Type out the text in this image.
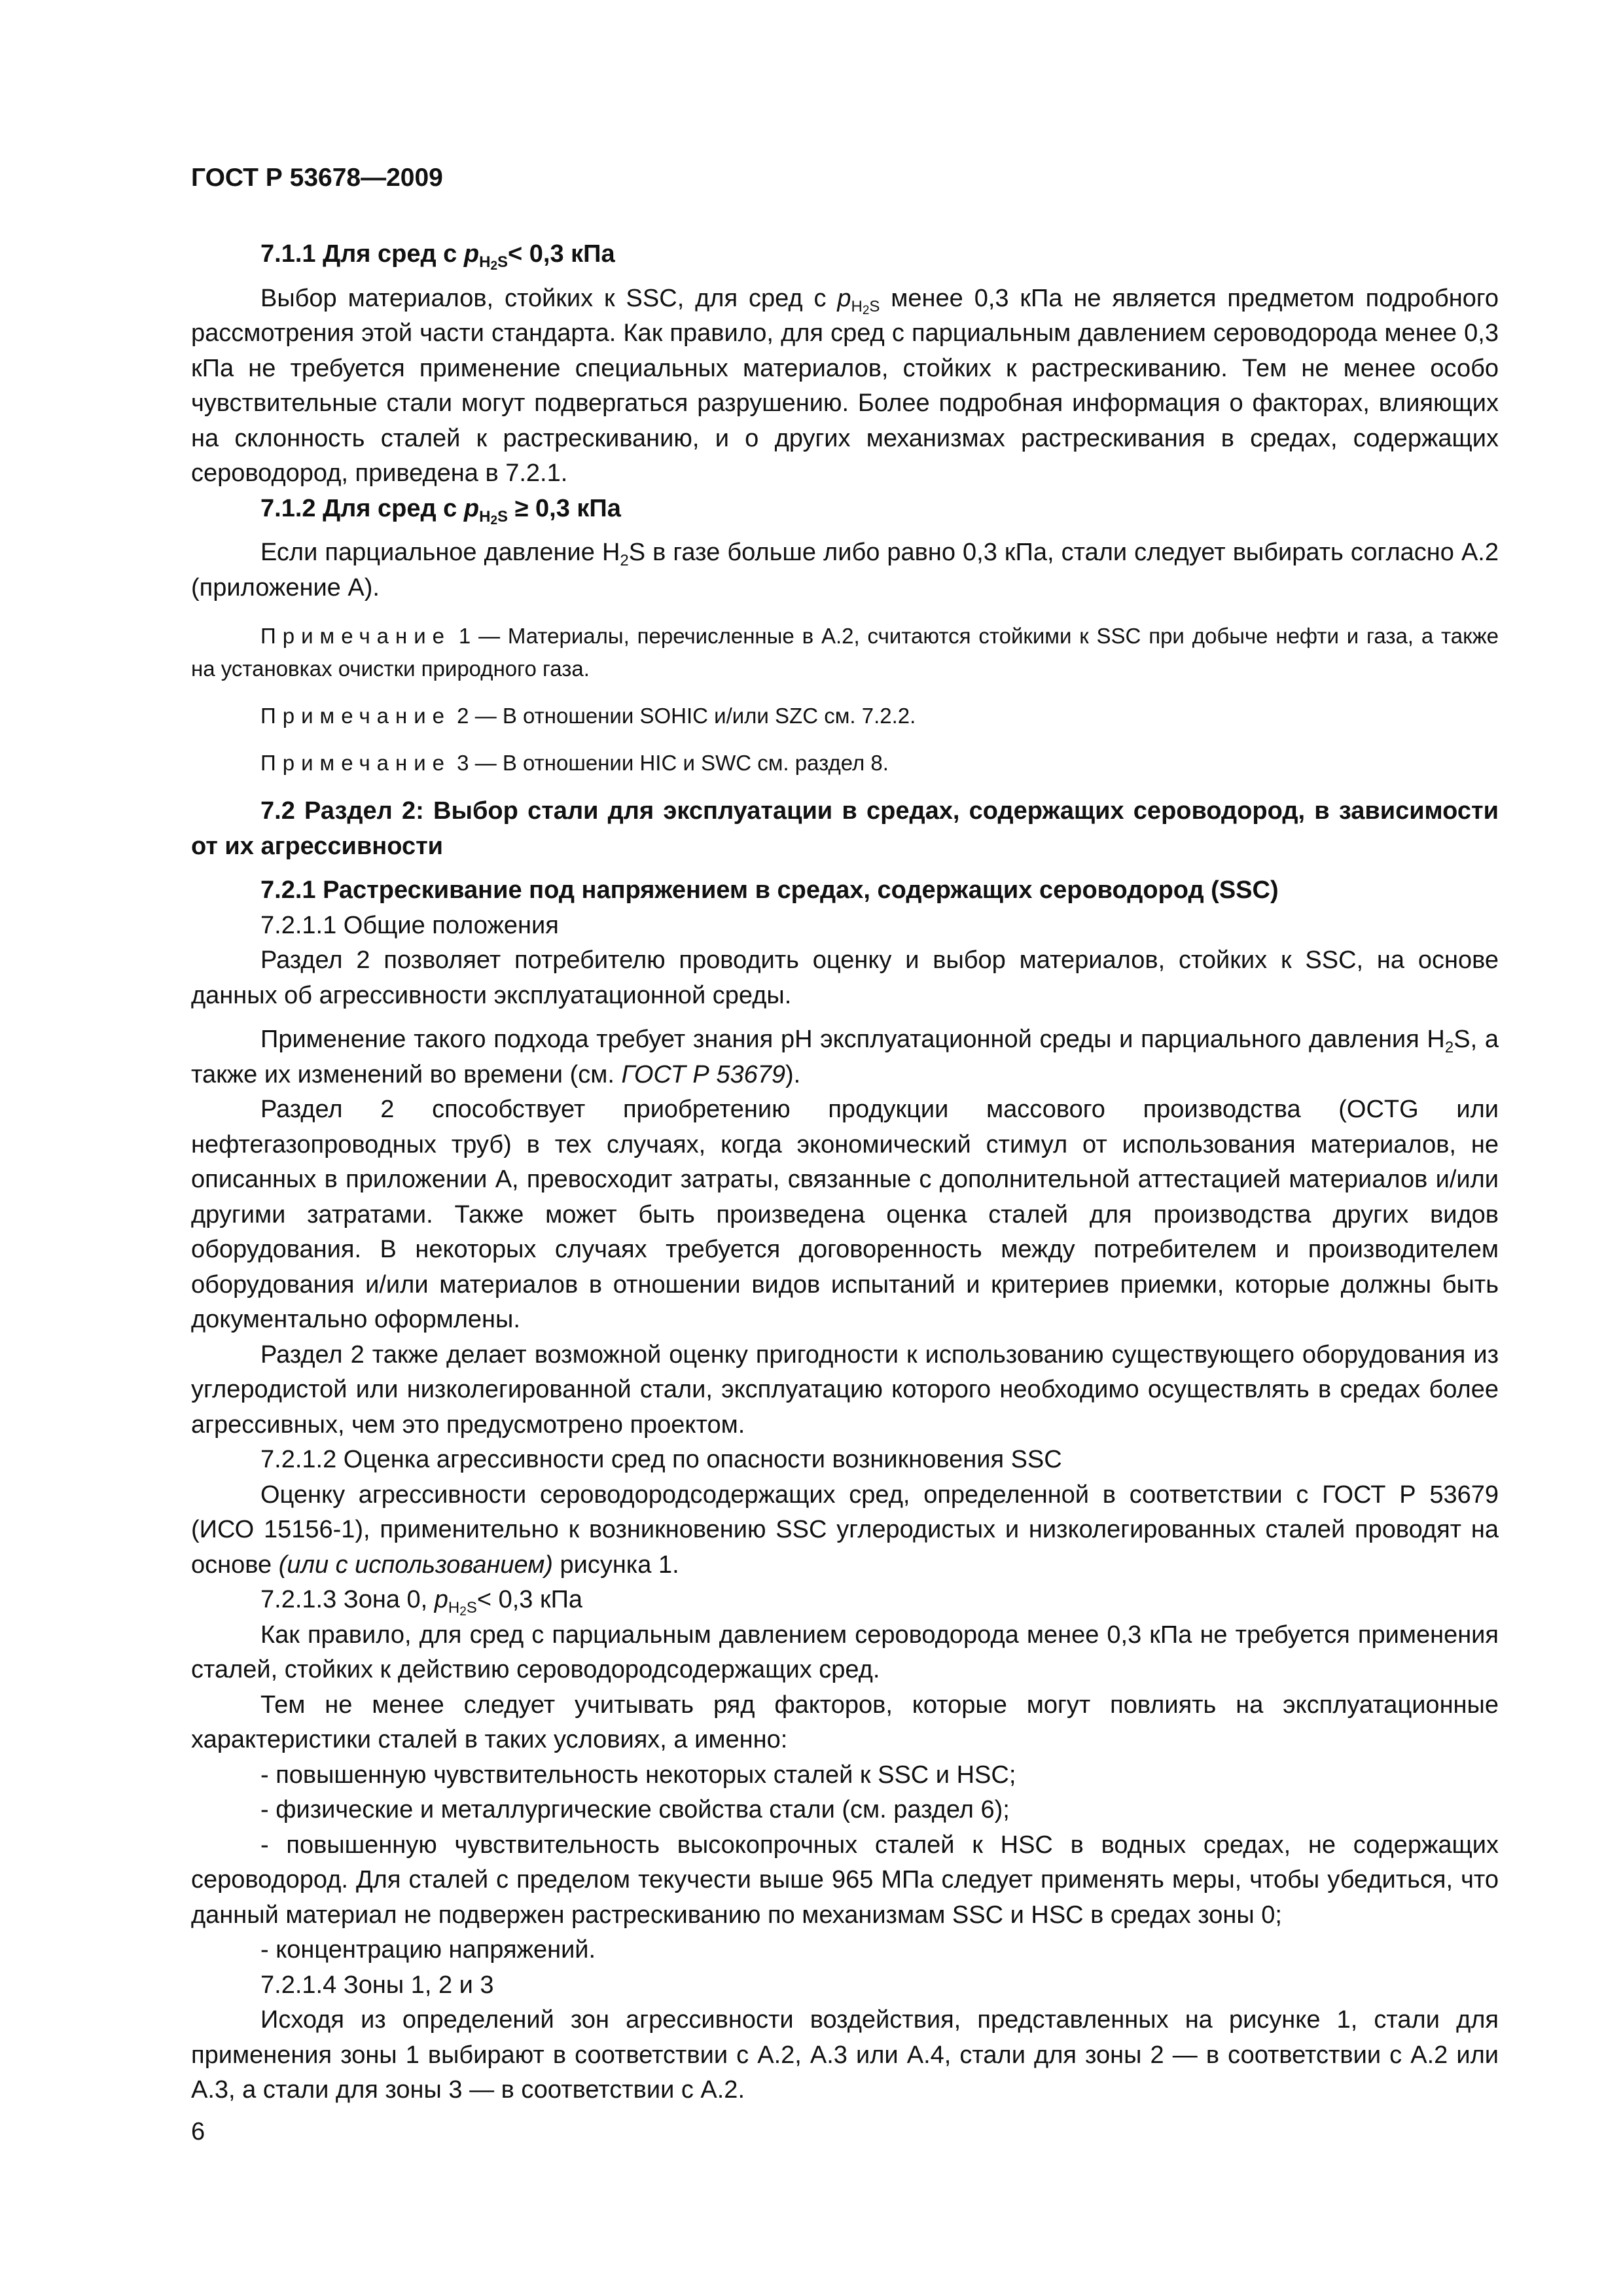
ГОСТ Р 53678—2009

7.1.1 Для сред с $p_{H_2S}< 0,3$ кПа

Выбор материалов, стойких к SSC, для сред с $p_{H_2S}$ менее 0,3 кПа не является предметом подробного рассмотрения этой части стандарта. Как правило, для сред с парциальным давлением сероводорода менее 0,3 кПа не требуется применение специальных материалов, стойких к растрескиванию. Тем не менее особо чувствительные стали могут подвергаться разрушению. Более подробная информация о факторах, влияющих на склонность сталей к растрескиванию, и о других механизмах растрескивания в средах, содержащих сероводород, приведена в 7.2.1.

7.1.2 Для сред с $p_{H_2S} \ge 0,3$ кПа

Если парциальное давление $H_2S$ в газе больше либо равно 0,3 кПа, стали следует выбирать согласно А.2 (приложение А).

Примечание 1 — Материалы, перечисленные в А.2, считаются стойкими к SSC при добыче нефти и газа, а также на установках очистки природного газа.

Примечание 2 — В отношении SOHIC и/или SZC см. 7.2.2.

Примечание 3 — В отношении HIC и SWC см. раздел 8.

7.2 Раздел 2: Выбор стали для эксплуатации в средах, содержащих сероводород, в зависимости от их агрессивности

7.2.1 Растрескивание под напряжением в средах, содержащих сероводород (SSC)

7.2.1.1 Общие положения

Раздел 2 позволяет потребителю проводить оценку и выбор материалов, стойких к SSC, на основе данных об агрессивности эксплуатационной среды.

Применение такого подхода требует знания pH эксплуатационной среды и парциального давления $H_2S$, а также их изменений во времени (см. ГОСТ Р 53679).

Раздел 2 способствует приобретению продукции массового производства (OCTG или нефтегазопроводных труб) в тех случаях, когда экономический стимул от использования материалов, не описанных в приложении А, превосходит затраты, связанные с дополнительной аттестацией материалов и/или другими затратами. Также может быть произведена оценка сталей для производства других видов оборудования. В некоторых случаях требуется договоренность между потребителем и производителем оборудования и/или материалов в отношении видов испытаний и критериев приемки, которые должны быть документально оформлены.

Раздел 2 также делает возможной оценку пригодности к использованию существующего оборудования из углеродистой или низколегированной стали, эксплуатацию которого необходимо осуществлять в средах более агрессивных, чем это предусмотрено проектом.

7.2.1.2 Оценка агрессивности сред по опасности возникновения SSC

Оценку агрессивности сероводородсодержащих сред, определенной в соответствии с ГОСТ Р 53679 (ИСО 15156-1), применительно к возникновению SSC углеродистых и низколегированных сталей проводят на основе (или с использованием) рисунка 1.

7.2.1.3 Зона 0, $p_{H_2S}< 0,3$ кПа

Как правило, для сред с парциальным давлением сероводорода менее 0,3 кПа не требуется применения сталей, стойких к действию сероводородсодержащих сред.

Тем не менее следует учитывать ряд факторов, которые могут повлиять на эксплуатационные характеристики сталей в таких условиях, а именно:

- повышенную чувствительность некоторых сталей к SSC и HSC;

- физические и металлургические свойства стали (см. раздел 6);

- повышенную чувствительность высокопрочных сталей к HSC в водных средах, не содержащих сероводород. Для сталей с пределом текучести выше 965 МПа следует применять меры, чтобы убедиться, что данный материал не подвержен растрескиванию по механизмам SSC и HSC в средах зоны 0;

- концентрацию напряжений.

7.2.1.4 Зоны 1, 2 и 3

Исходя из определений зон агрессивности воздействия, представленных на рисунке 1, стали для применения зоны 1 выбирают в соответствии с А.2, А.3 или А.4, стали для зоны 2 — в соответствии с А.2 или А.3, а стали для зоны 3 — в соответствии с А.2.

6
